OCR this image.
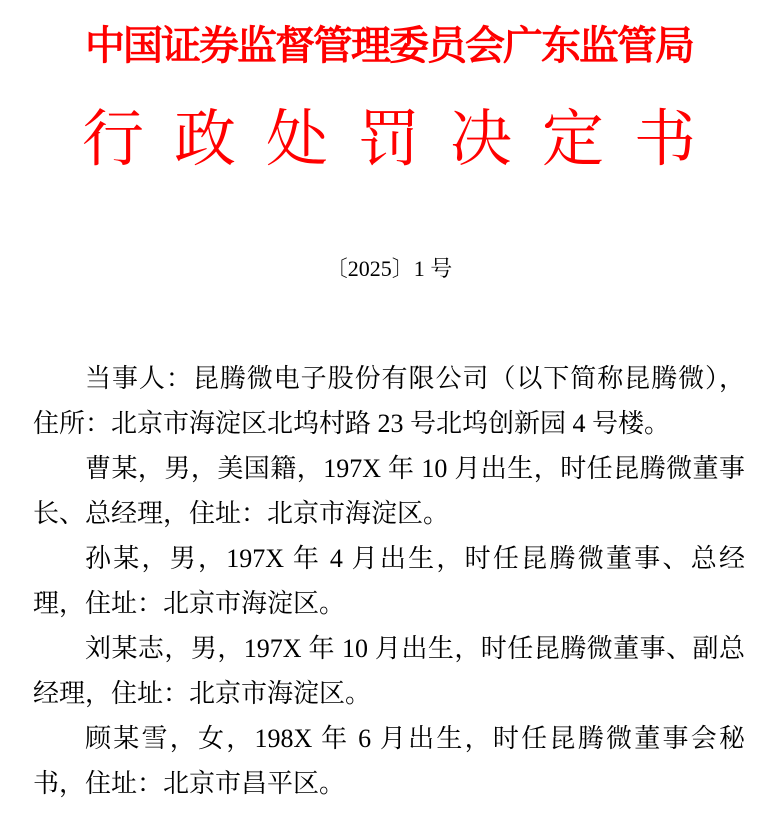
中国证券监督管理委员会广东监管局
行政处罚决定书
〔2025〕1 号

当事人：昆腾微电子股份有限公司（以下简称昆腾微），住所：北京市海淀区北坞村路 23 号北坞创新园 4 号楼。

曹某，男，美国籍，197X 年 10 月出生，时任昆腾微董事长、总经理，住址：北京市海淀区。

孙某，男，197X 年 4 月出生，时任昆腾微董事、总经理，住址：北京市海淀区。

刘某志，男，197X 年 10 月出生，时任昆腾微董事、副总经理，住址：北京市海淀区。

顾某雪，女，198X 年 6 月出生，时任昆腾微董事会秘书，住址：北京市昌平区。
